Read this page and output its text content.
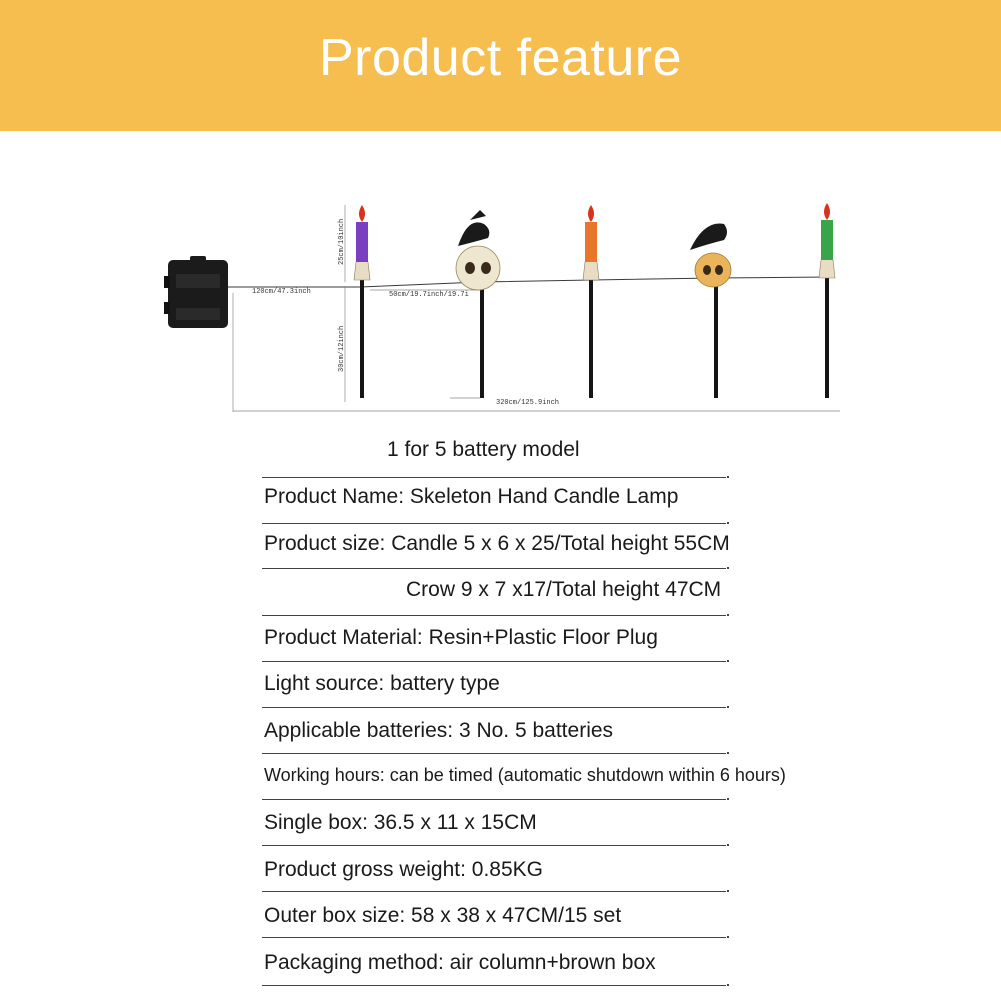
Product feature
25cm/10inch
30cm/12inch
120cm/47.3inch	50cm/19.7inch/19.7i
320cm/125.9inch
1 for 5 battery model
Product Name: Skeleton Hand Candle Lamp
Product size: Candle 5 x 6 x 25/Total height 55CM
Crow 9 x 7 x17/Total height 47CM
Product Material: Resin+Plastic Floor Plug
Light source: battery type
Applicable batteries: 3 No. 5 batteries
Working hours: can be timed (automatic shutdown within 6 hours)
Single box: 36.5 x 11 x 15CM
Product gross weight: 0.85KG
Outer box size: 58 x 38 x 47CM/15 set
Packaging method: air column+brown box
